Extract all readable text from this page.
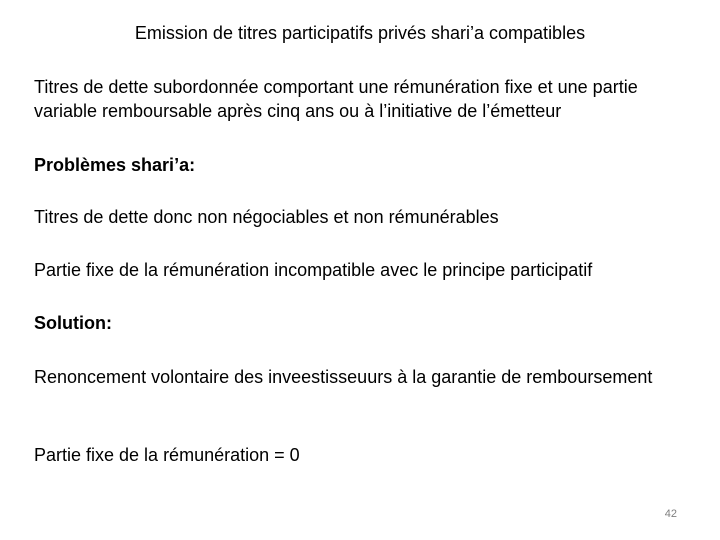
Emission de titres participatifs privés shari’a compatibles
Titres de dette subordonnée comportant une rémunération fixe et une partie variable remboursable après cinq ans ou à l’initiative de l’émetteur
Problèmes shari’a:
Titres de dette donc non négociables et non rémunérables
Partie fixe de la rémunération incompatible avec le principe participatif
Solution:
Renoncement volontaire des inveestisseuurs à la garantie de remboursement
Partie fixe de la rémunération = 0
42
